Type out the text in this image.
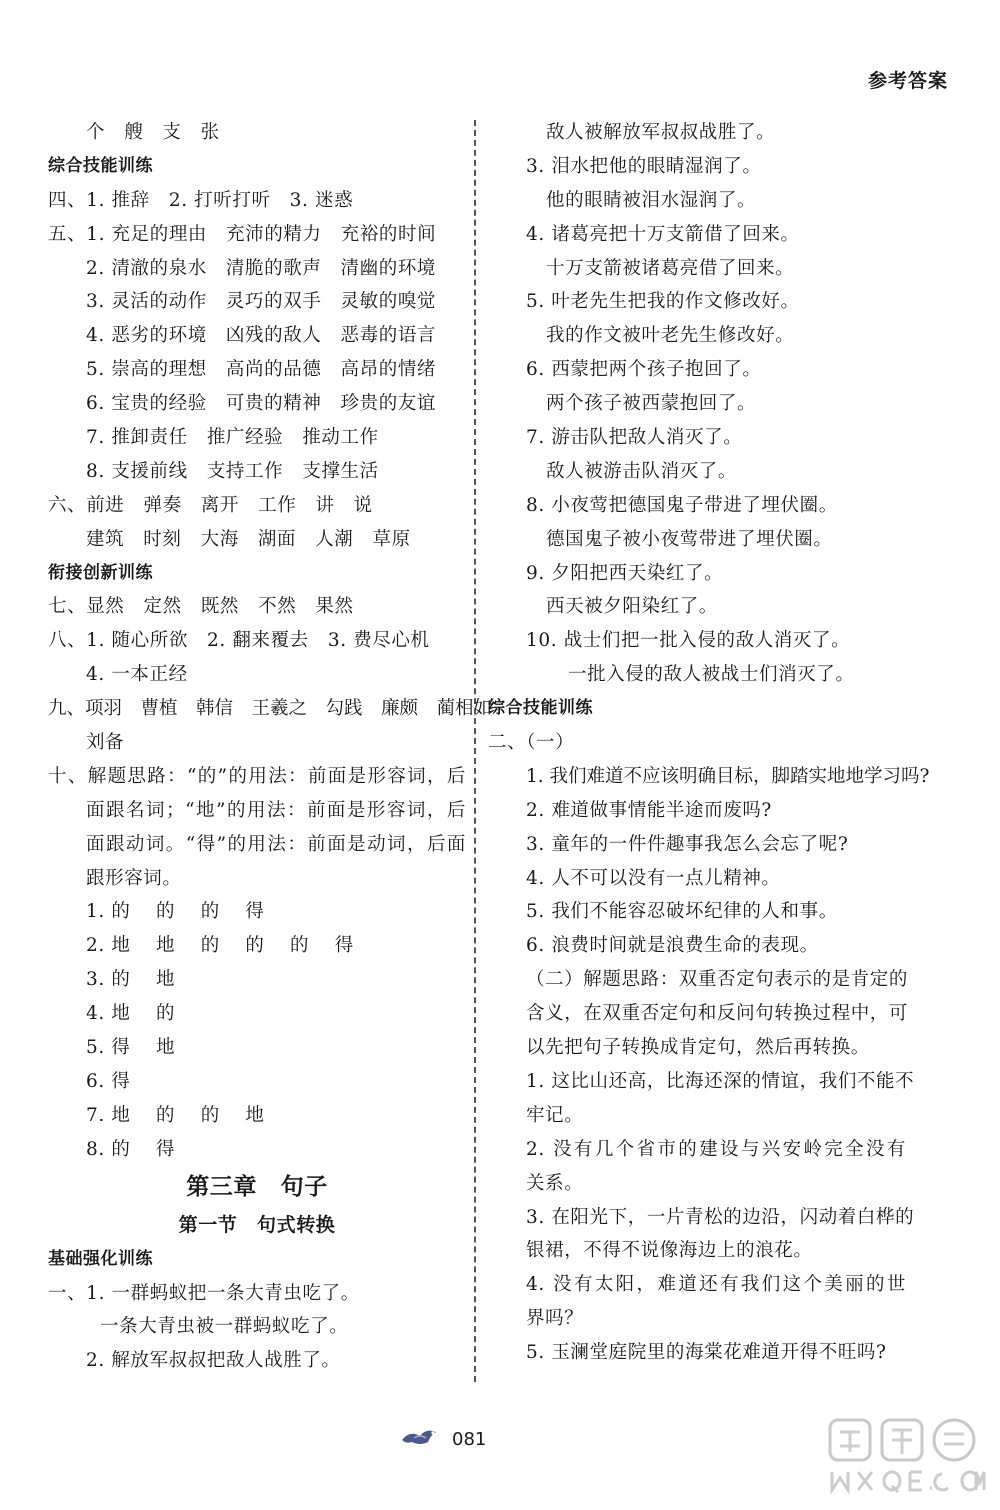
参考答案
个　艘　支　张
综合技能训练
四、1. 推辞　2. 打听打听　3. 迷惑
五、1. 充足的理由　充沛的精力　充裕的时间
2. 清澈的泉水　清脆的歌声　清幽的环境
3. 灵活的动作　灵巧的双手　灵敏的嗅觉
4. 恶劣的环境　凶残的敌人　恶毒的语言
5. 崇高的理想　高尚的品德　高昂的情绪
6. 宝贵的经验　可贵的精神　珍贵的友谊
7. 推卸责任　推广经验　推动工作
8. 支援前线　支持工作　支撑生活
六、前进　弹奏　离开　工作　讲　说
建筑　时刻　大海　湖面　人潮　草原
衔接创新训练
七、显然　定然　既然　不然　果然
八、1. 随心所欲　2. 翻来覆去　3. 费尽心机
4. 一本正经
九、项羽　曹植　韩信　王羲之　勾践　廉颇　蔺相如
刘备
十、解题思路：“的”的用法：前面是形容词，后
面跟名词；“地”的用法：前面是形容词，后
面跟动词。“得”的用法：前面是动词，后面
跟形容词。
1. 的　 的　 的　 得
2. 地　 地　 的　 的　 的　 得
3. 的　 地
4. 地　 的
5. 得　 地
6. 得
7. 地　 的　 的　 地
8. 的　 得
第三章　句子
第一节　句式转换
基础强化训练
一、1. 一群蚂蚁把一条大青虫吃了。
一条大青虫被一群蚂蚁吃了。
2. 解放军叔叔把敌人战胜了。
敌人被解放军叔叔战胜了。
3. 泪水把他的眼睛湿润了。
他的眼睛被泪水湿润了。
4. 诸葛亮把十万支箭借了回来。
十万支箭被诸葛亮借了回来。
5. 叶老先生把我的作文修改好。
我的作文被叶老先生修改好。
6. 西蒙把两个孩子抱回了。
两个孩子被西蒙抱回了。
7. 游击队把敌人消灭了。
敌人被游击队消灭了。
8. 小夜莺把德国鬼子带进了埋伏圈。
德国鬼子被小夜莺带进了埋伏圈。
9. 夕阳把西天染红了。
西天被夕阳染红了。
10. 战士们把一批入侵的敌人消灭了。
一批入侵的敌人被战士们消灭了。
综合技能训练
二、（一）
1. 我们难道不应该明确目标，脚踏实地地学习吗?
2. 难道做事情能半途而废吗?
3. 童年的一件件趣事我怎么会忘了呢?
4. 人不可以没有一点儿精神。
5. 我们不能容忍破坏纪律的人和事。
6. 浪费时间就是浪费生命的表现。
（二）解题思路：双重否定句表示的是肯定的
含义，在双重否定句和反问句转换过程中，可
以先把句子转换成肯定句，然后再转换。
1. 这比山还高，比海还深的情谊，我们不能不
牢记。
2. 没有几个省市的建设与兴安岭完全没有
关系。
3. 在阳光下，一片青松的边沿，闪动着白桦的
银裙，不得不说像海边上的浪花。
4. 没有太阳，难道还有我们这个美丽的世
界吗？
5. 玉澜堂庭院里的海棠花难道开得不旺吗?
081
